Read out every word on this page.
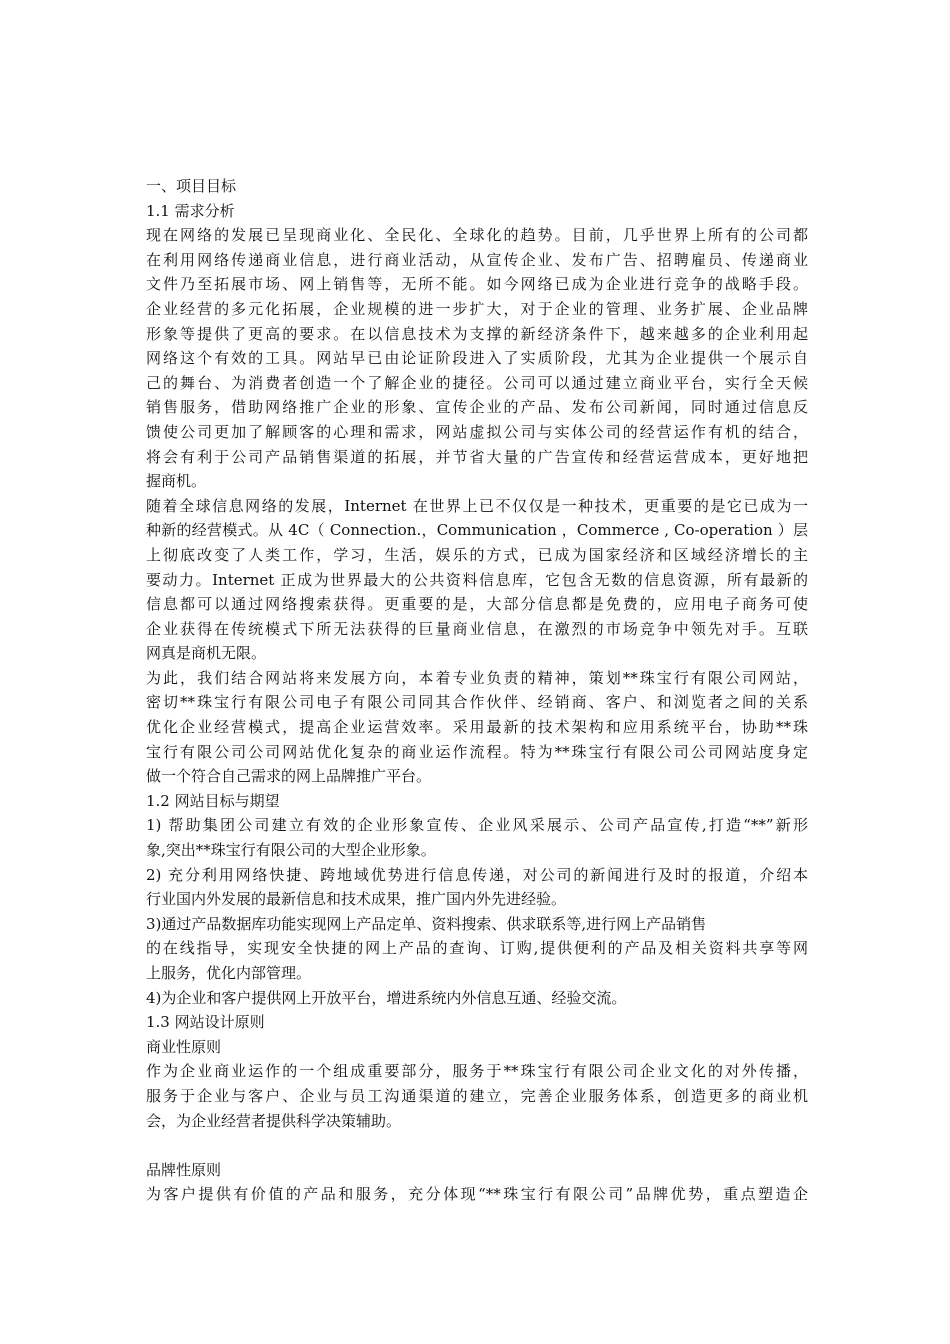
一、项目目标
1.1 需求分析
现在网络的发展已呈现商业化、全民化、全球化的趋势。目前，几乎世界上所有的公司都
在利用网络传递商业信息，进行商业活动，从宣传企业、发布广告、招聘雇员、传递商业
文件乃至拓展市场、网上销售等，无所不能。如今网络已成为企业进行竞争的战略手段。
企业经营的多元化拓展，企业规模的进一步扩大，对于企业的管理、业务扩展、企业品牌
形象等提供了更高的要求。在以信息技术为支撑的新经济条件下，越来越多的企业利用起
网络这个有效的工具。网站早已由论证阶段进入了实质阶段，尤其为企业提供一个展示自
己的舞台、为消费者创造一个了解企业的捷径。公司可以通过建立商业平台，实行全天候
销售服务，借助网络推广企业的形象、宣传企业的产品、发布公司新闻，同时通过信息反
馈使公司更加了解顾客的心理和需求，网站虚拟公司与实体公司的经营运作有机的结合，
将会有利于公司产品销售渠道的拓展，并节省大量的广告宣传和经营运营成本，更好地把
握商机。
随着全球信息网络的发展，Internet 在世界上已不仅仅是一种技术，更重要的是它已成为一
种新的经营模式。从 4C（ Connection.，Communication ，Commerce , Co-operation ）层
上彻底改变了人类工作，学习，生活，娱乐的方式，已成为国家经济和区域经济增长的主
要动力。Internet 正成为世界最大的公共资料信息库，它包含无数的信息资源，所有最新的
信息都可以通过网络搜索获得。更重要的是，大部分信息都是免费的，应用电子商务可使
企业获得在传统模式下所无法获得的巨量商业信息，在激烈的市场竞争中领先对手。互联
网真是商机无限。
为此，我们结合网站将来发展方向，本着专业负责的精神，策划**珠宝行有限公司网站，
密切**珠宝行有限公司电子有限公司同其合作伙伴、经销商、客户、和浏览者之间的关系
优化企业经营模式，提高企业运营效率。采用最新的技术架构和应用系统平台，协助**珠
宝行有限公司公司网站优化复杂的商业运作流程。特为**珠宝行有限公司公司网站度身定
做一个符合自己需求的网上品牌推广平台。
1.2 网站目标与期望
1) 帮助集团公司建立有效的企业形象宣传、企业风采展示、公司产品宣传,打造“**”新形
象,突出**珠宝行有限公司的大型企业形象。
2) 充分利用网络快捷、跨地域优势进行信息传递，对公司的新闻进行及时的报道，介绍本
行业国内外发展的最新信息和技术成果，推广国内外先进经验。
3)通过产品数据库功能实现网上产品定单、资料搜索、供求联系等,进行网上产品销售
的在线指导，实现安全快捷的网上产品的查询、订购,提供便利的产品及相关资料共享等网
上服务，优化内部管理。
4)为企业和客户提供网上开放平台，增进系统内外信息互通、经验交流。
1.3 网站设计原则
商业性原则
作为企业商业运作的一个组成重要部分，服务于**珠宝行有限公司企业文化的对外传播，
服务于企业与客户、企业与员工沟通渠道的建立，完善企业服务体系，创造更多的商业机
会，为企业经营者提供科学决策辅助。
品牌性原则
为客户提供有价值的产品和服务，充分体现“**珠宝行有限公司”品牌优势，重点塑造企
